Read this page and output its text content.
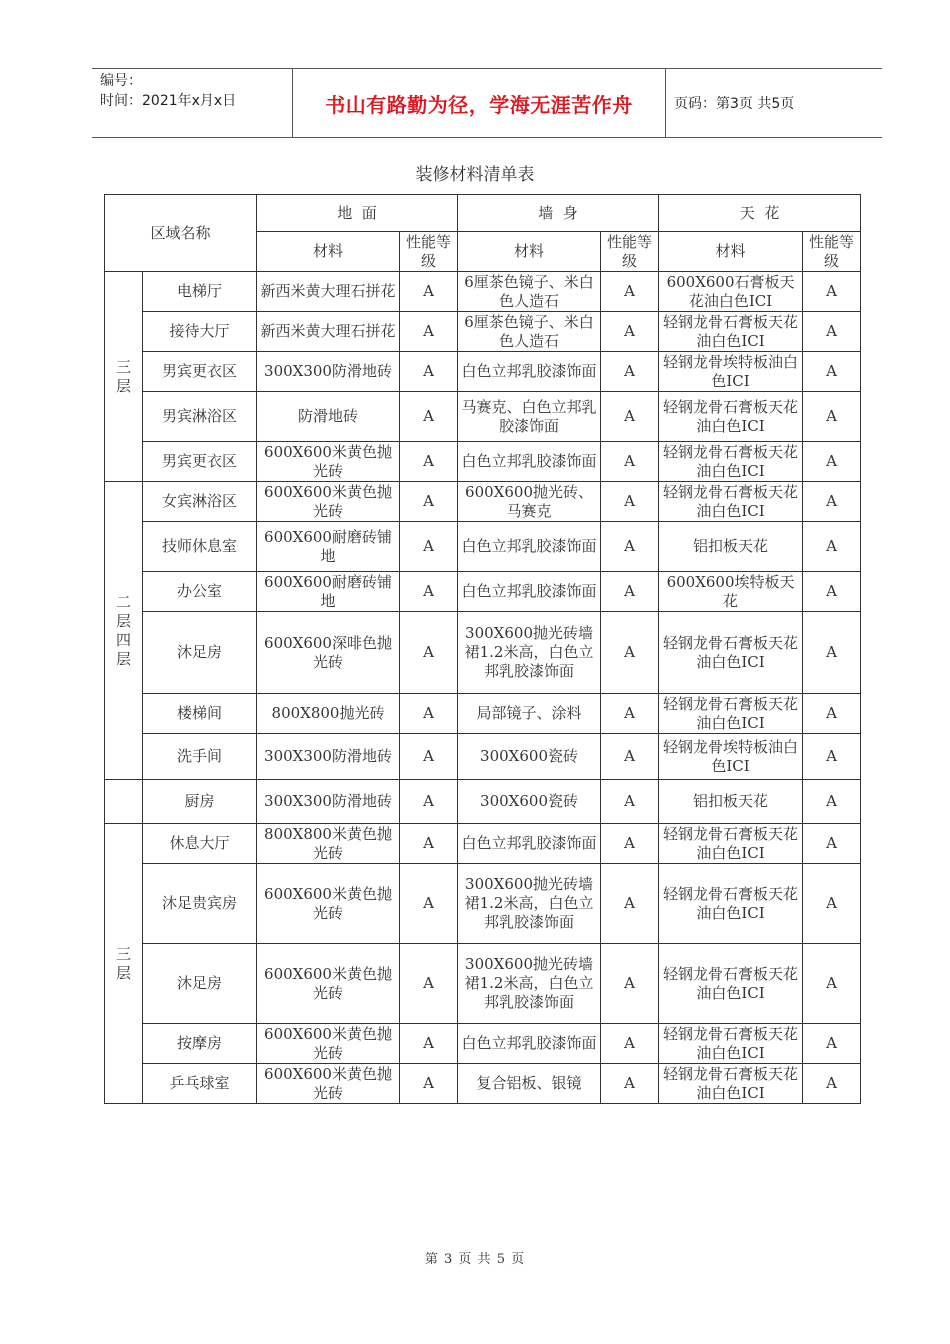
编号：
时间：2021年x月x日	书山有路勤为径，学海无涯苦作舟	页码：第3页 共5页
装修材料清单表
区域名称		地  面		墙  身		天  花	
		材料	性能等级	材料	性能等级	材料	性能等级
三层	电梯厅	新西米黄大理石拼花	A	6厘茶色镜子、米白色人造石	A	600X600石膏板天花油白色ICI	A
	接待大厅	新西米黄大理石拼花	A	6厘茶色镜子、米白色人造石	A	轻钢龙骨石膏板天花油白色ICI	A
	男宾更衣区	300X300防滑地砖	A	白色立邦乳胶漆饰面	A	轻钢龙骨埃特板油白色ICI	A
	男宾淋浴区	防滑地砖	A	马赛克、白色立邦乳胶漆饰面	A	轻钢龙骨石膏板天花油白色ICI	A
	男宾更衣区	600X600米黄色抛光砖	A	白色立邦乳胶漆饰面	A	轻钢龙骨石膏板天花油白色ICI	A
二层 四层	女宾淋浴区	600X600米黄色抛光砖	A	600X600抛光砖、马赛克	A	轻钢龙骨石膏板天花油白色ICI	A
	技师休息室	600X600耐磨砖铺地	A	白色立邦乳胶漆饰面	A	铝扣板天花	A
	办公室	600X600耐磨砖铺地	A	白色立邦乳胶漆饰面	A	600X600埃特板天花	A
	沐足房	600X600深啡色抛光砖	A	300X600抛光砖墙裙1.2米高，白色立邦乳胶漆饰面	A	轻钢龙骨石膏板天花油白色ICI	A
	楼梯间	800X800抛光砖	A	局部镜子、涂料	A	轻钢龙骨石膏板天花油白色ICI	A
	洗手间	300X300防滑地砖	A	300X600瓷砖	A	轻钢龙骨埃特板油白色ICI	A
	厨房	300X300防滑地砖	A	300X600瓷砖	A	铝扣板天花	A
三层	休息大厅	800X800米黄色抛光砖	A	白色立邦乳胶漆饰面	A	轻钢龙骨石膏板天花油白色ICI	A
	沐足贵宾房	600X600米黄色抛光砖	A	300X600抛光砖墙裙1.2米高，白色立邦乳胶漆饰面	A	轻钢龙骨石膏板天花油白色ICI	A
	沐足房	600X600米黄色抛光砖	A	300X600抛光砖墙裙1.2米高，白色立邦乳胶漆饰面	A	轻钢龙骨石膏板天花油白色ICI	A
	按摩房	600X600米黄色抛光砖	A	白色立邦乳胶漆饰面	A	轻钢龙骨石膏板天花油白色ICI	A
	乒乓球室	600X600米黄色抛光砖	A	复合铝板、银镜	A	轻钢龙骨石膏板天花油白色ICI	A
第 3 页 共 5 页
